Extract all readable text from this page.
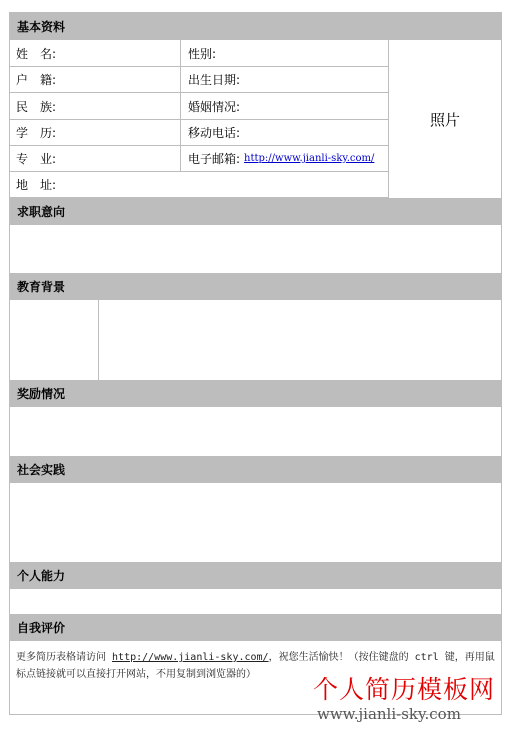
基本资料
姓　名:	性别:
户　籍:	出生日期:
民　族:	婚姻情况:
学　历:	移动电话:
专　业:	电子邮箱: http://www.jianli-sky.com/
地　址:
照片
求职意向
教育背景
奖励情况
社会实践
个人能力
自我评价
更多简历表格请访问 http://www.jianli-sky.com/，祝您生活愉快！（按住键盘的 ctrl 键，再用鼠标点链接就可以直接打开网站，不用复制到浏览器的）
个人简历模板网
www.jianli-sky.com
